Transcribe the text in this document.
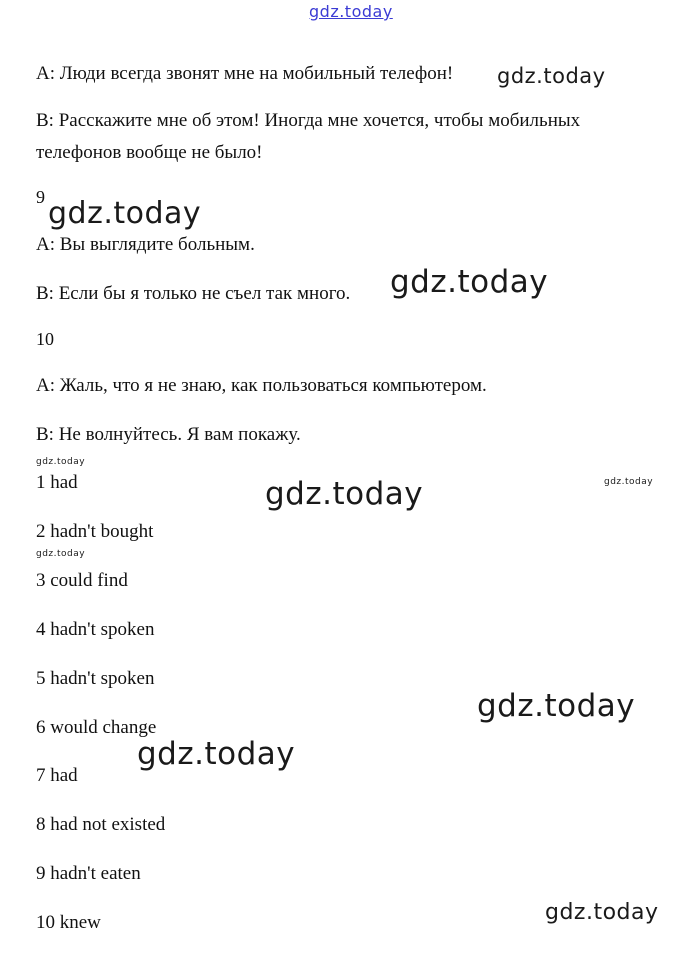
gdz.today

A: Люди всегда звонят мне на мобильный телефон! gdz.today

B: Расскажите мне об этом! Иногда мне хочется, чтобы мобильных

телефонов вообще не было!

9 gdz.today

A: Вы выглядите больным.

B: Если бы я только не съел так много. gdz.today
10

A: Жаль, что я не знаю, как пользоваться компьютером.

B: Не волнуйтесь. Я вам покажу.

gdz.today
gdz.today
gdz.today
gdz.today
gdz.today
gdz.today
gdz.today

1 had

2 hadn't bought

3 could find

4 hadn't spoken

5 hadn't spoken

6 would change

7 had

8 had not existed

9 hadn't eaten

10 knew
